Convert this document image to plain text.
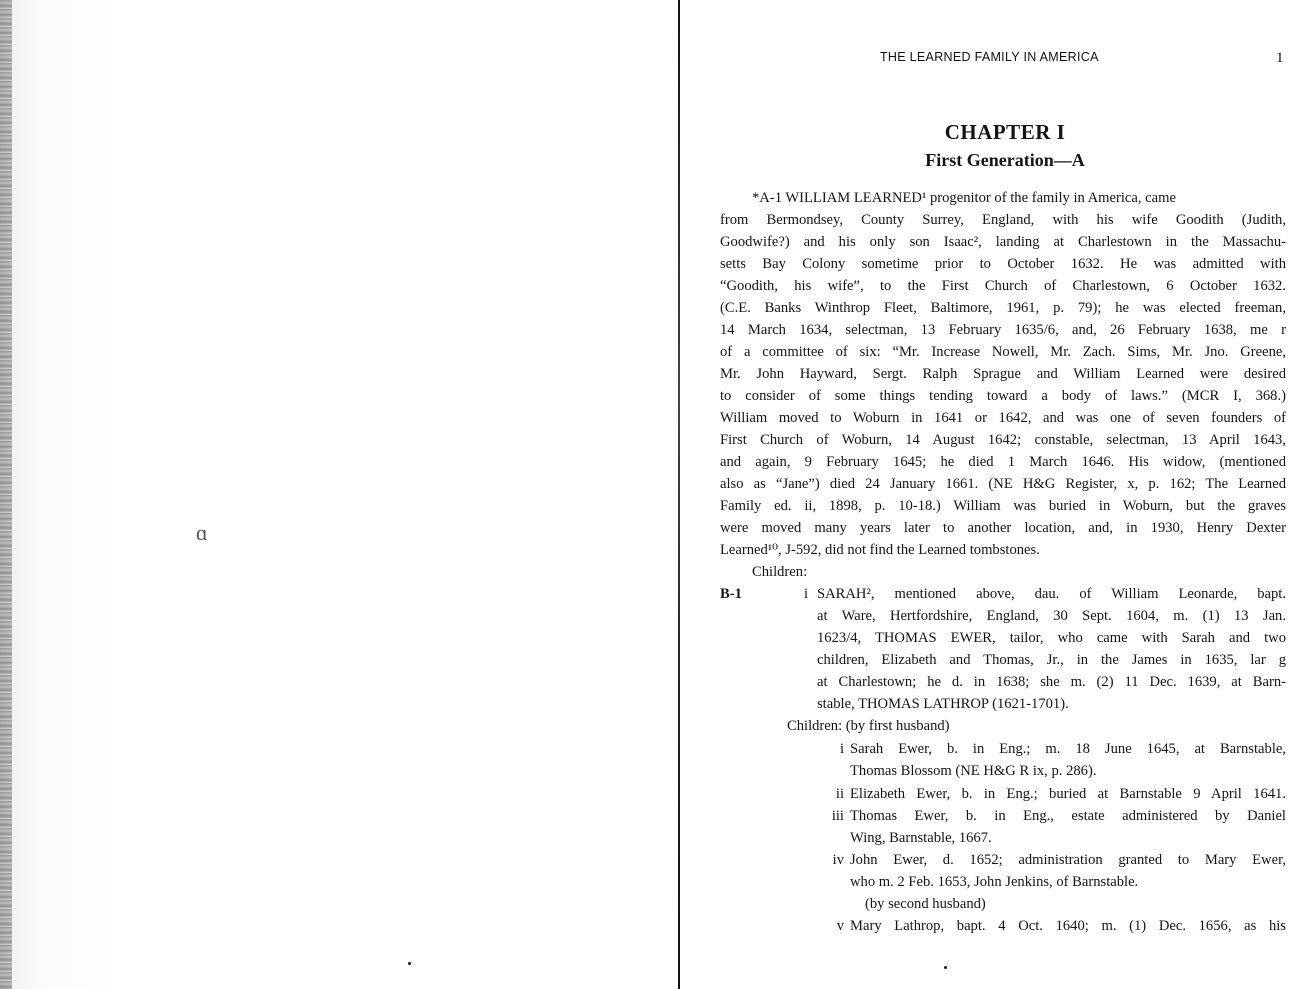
ɑ
THE LEARNED FAMILY IN AMERICA	1
CHAPTER I
First Generation—A
*A-1 WILLIAM LEARNED¹ progenitor of the family in America, came
from Bermondsey, County Surrey, England, with his wife Goodith (Judith,
Goodwife?) and his only son Isaac², landing at Charlestown in the Massachu-
setts Bay Colony sometime prior to October 1632. He was admitted with
“Goodith, his wife”, to the First Church of Charlestown, 6 October 1632.
(C.E. Banks Winthrop Fleet, Baltimore, 1961, p. 79); he was elected freeman,
14 March 1634, selectman, 13 February 1635/6, and, 26 February 1638, me r
of a committee of six: “Mr. Increase Nowell, Mr. Zach. Sims, Mr. Jno. Greene,
Mr. John Hayward, Sergt. Ralph Sprague and William Learned were desired
to consider of some things tending toward a body of laws.” (MCR I, 368.)
William moved to Woburn in 1641 or 1642, and was one of seven founders of
First Church of Woburn, 14 August 1642; constable, selectman, 13 April 1643,
and again, 9 February 1645; he died 1 March 1646. His widow, (mentioned
also as “Jane”) died 24 January 1661. (NE H&G Register, x, p. 162; The Learned
Family ed. ii, 1898, p. 10-18.) William was buried in Woburn, but the graves
were moved many years later to another location, and, in 1930, Henry Dexter
Learned¹⁰, J-592, did not find the Learned tombstones.
Children:
B-1	i SARAH², mentioned above, dau. of William Leonarde, bapt.
at Ware, Hertfordshire, England, 30 Sept. 1604, m. (1) 13 Jan.
1623/4, THOMAS EWER, tailor, who came with Sarah and two
children, Elizabeth and Thomas, Jr., in the James in 1635, lar g
at Charlestown; he d. in 1638; she m. (2) 11 Dec. 1639, at Barn-
stable, THOMAS LATHROP (1621-1701).
Children: (by first husband)
i Sarah Ewer, b. in Eng.; m. 18 June 1645, at Barnstable,
Thomas Blossom (NE H&G R ix, p. 286).
ii Elizabeth Ewer, b. in Eng.; buried at Barnstable 9 April 1641.
iii Thomas Ewer, b. in Eng., estate administered by Daniel
Wing, Barnstable, 1667.
iv John Ewer, d. 1652; administration granted to Mary Ewer,
who m. 2 Feb. 1653, John Jenkins, of Barnstable.
(by second husband)
v Mary Lathrop, bapt. 4 Oct. 1640; m. (1) Dec. 1656, as his
